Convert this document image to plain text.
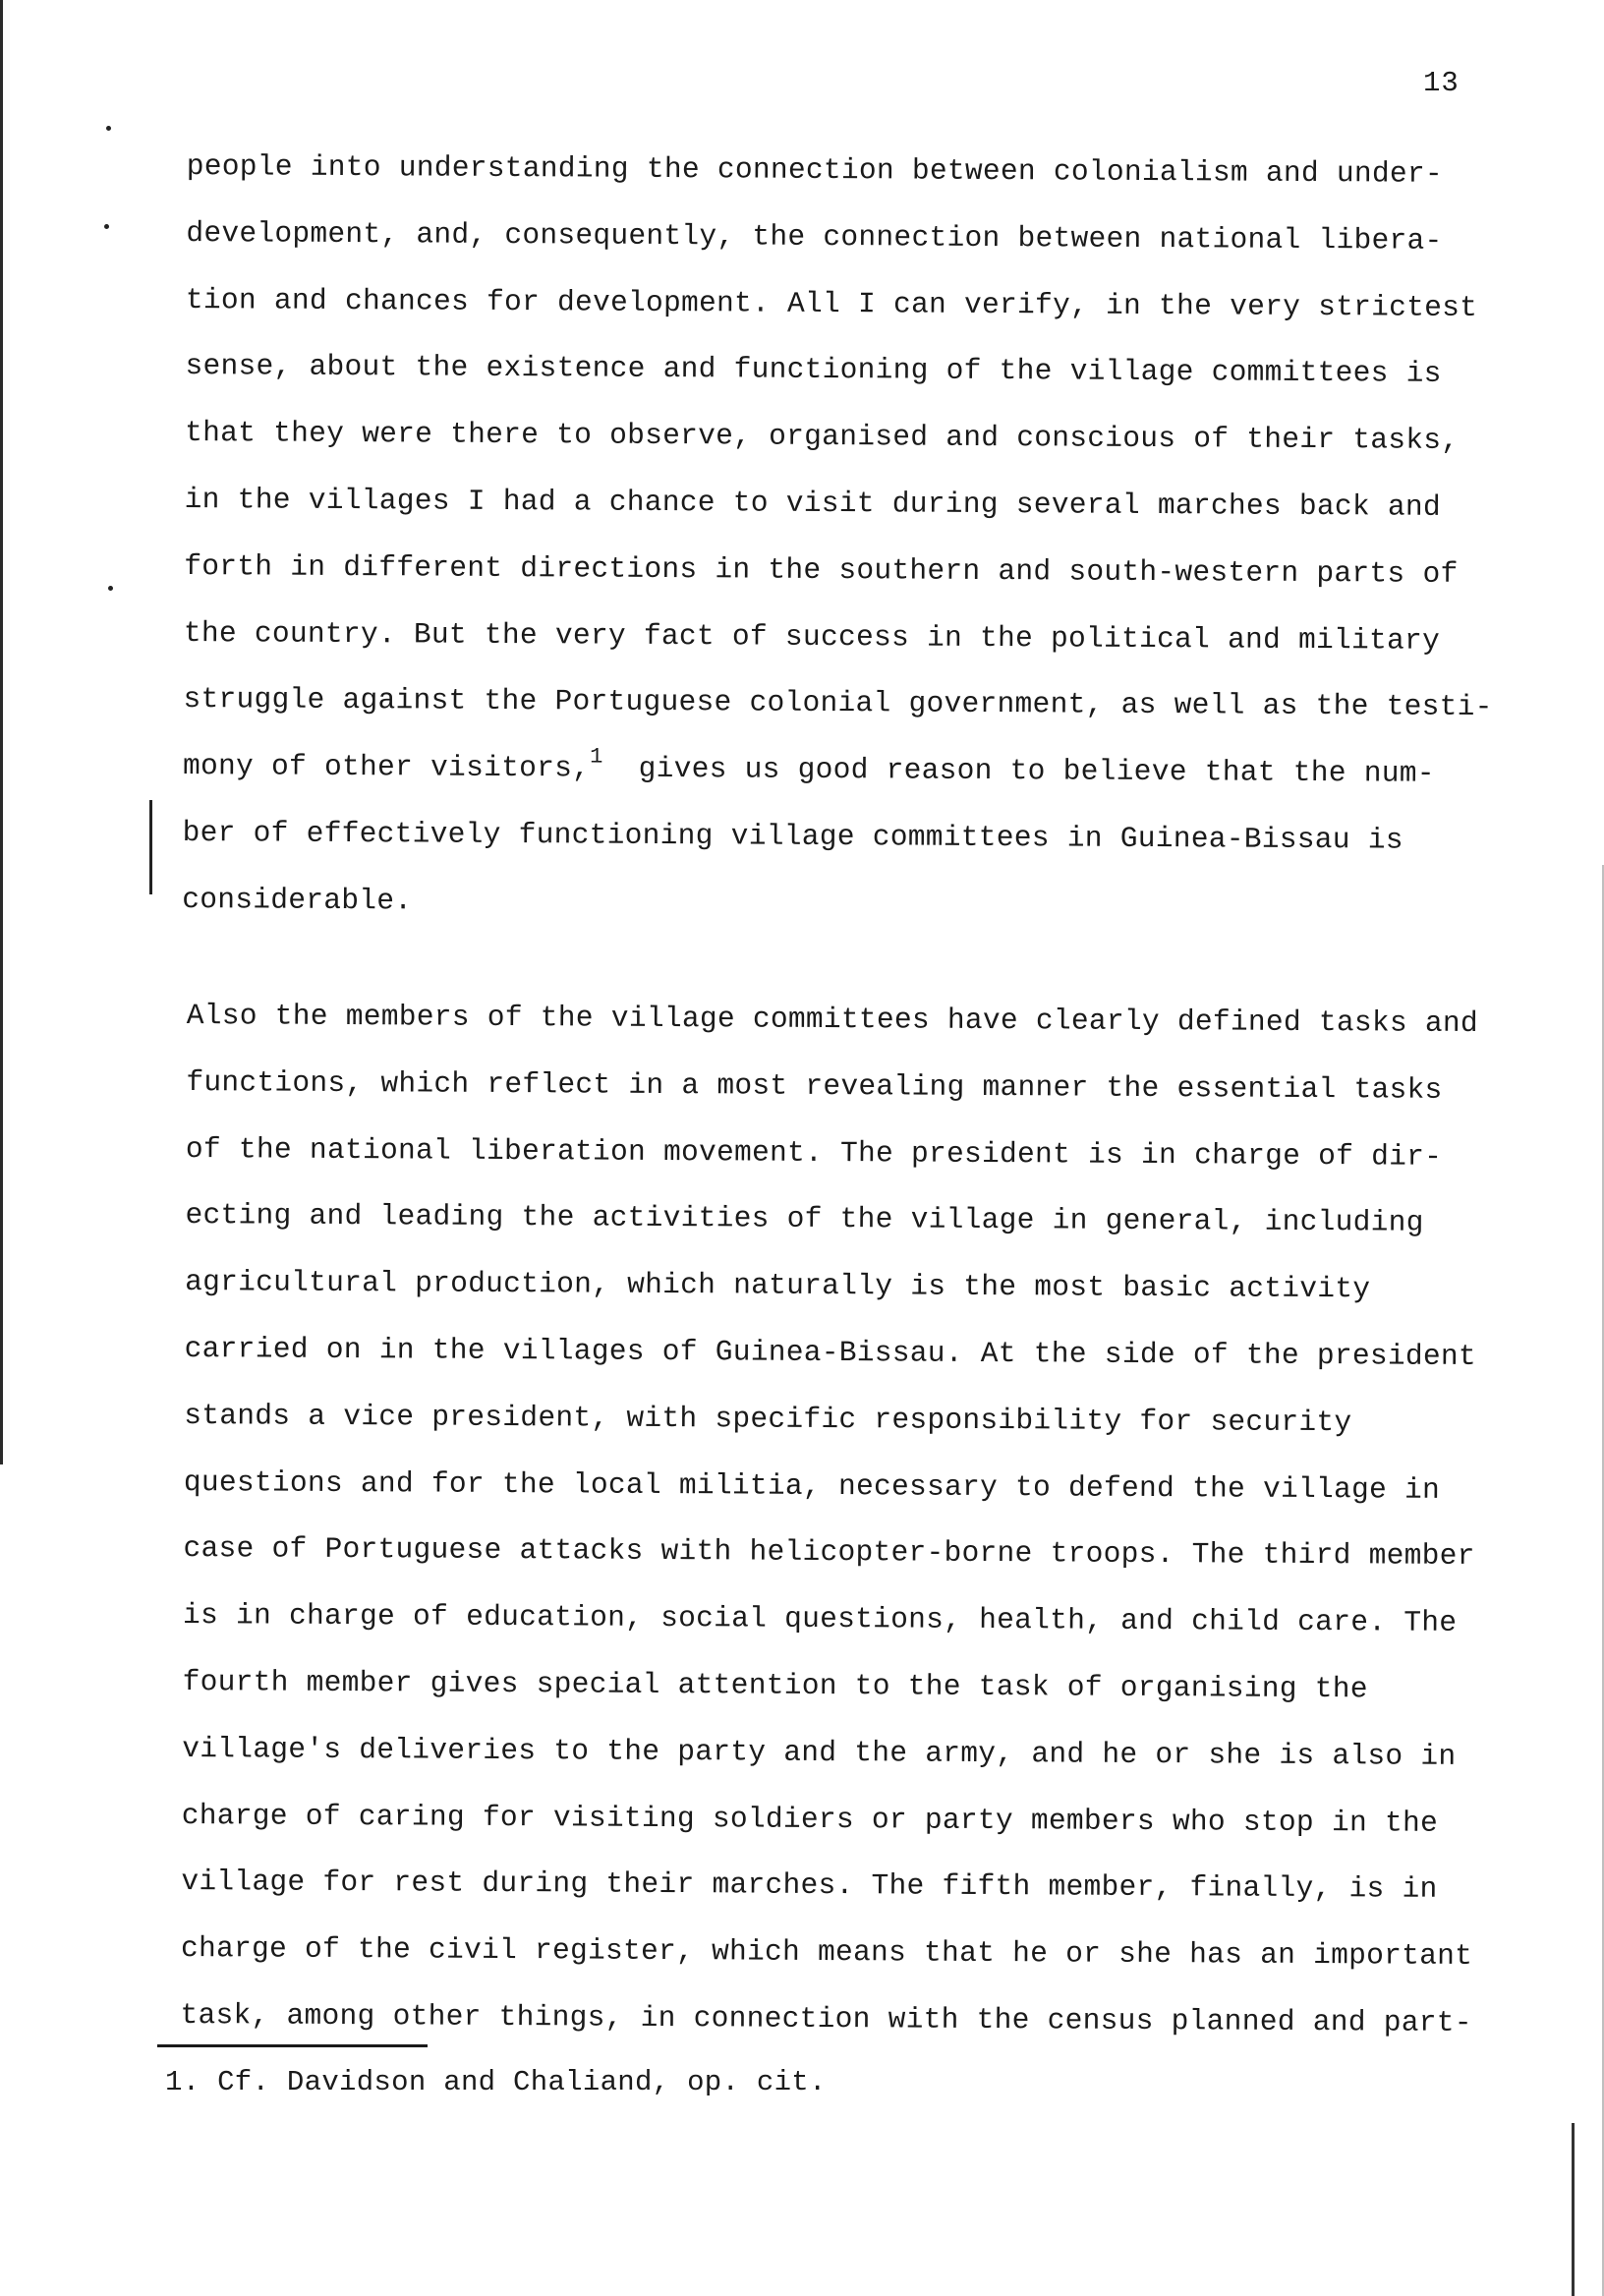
13
people into understanding the connection between colonialism and under-
development, and, consequently, the connection between national libera-
tion and chances for development. All I can verify, in the very strictest
sense, about the existence and functioning of the village committees is
that they were there to observe, organised and conscious of their tasks,
in the villages I had a chance to visit during several marches back and
forth in different directions in the southern and south-western parts of
the country. But the very fact of success in the political and military
struggle against the Portuguese colonial government, as well as the testi-
mony of other visitors,$^1$  gives us good reason to believe that the num-
ber of effectively functioning village committees in Guinea-Bissau is
considerable.
Also the members of the village committees have clearly defined tasks and
functions, which reflect in a most revealing manner the essential tasks
of the national liberation movement. The president is in charge of dir-
ecting and leading the activities of the village in general, including
agricultural production, which naturally is the most basic activity
carried on in the villages of Guinea-Bissau. At the side of the president
stands a vice president, with specific responsibility for security
questions and for the local militia, necessary to defend the village in
case of Portuguese attacks with helicopter-borne troops. The third member
is in charge of education, social questions, health, and child care. The
fourth member gives special attention to the task of organising the
village's deliveries to the party and the army, and he or she is also in
charge of caring for visiting soldiers or party members who stop in the
village for rest during their marches. The fifth member, finally, is in
charge of the civil register, which means that he or she has an important
task, among other things, in connection with the census planned and part-
1. Cf. Davidson and Chaliand, op. cit.
